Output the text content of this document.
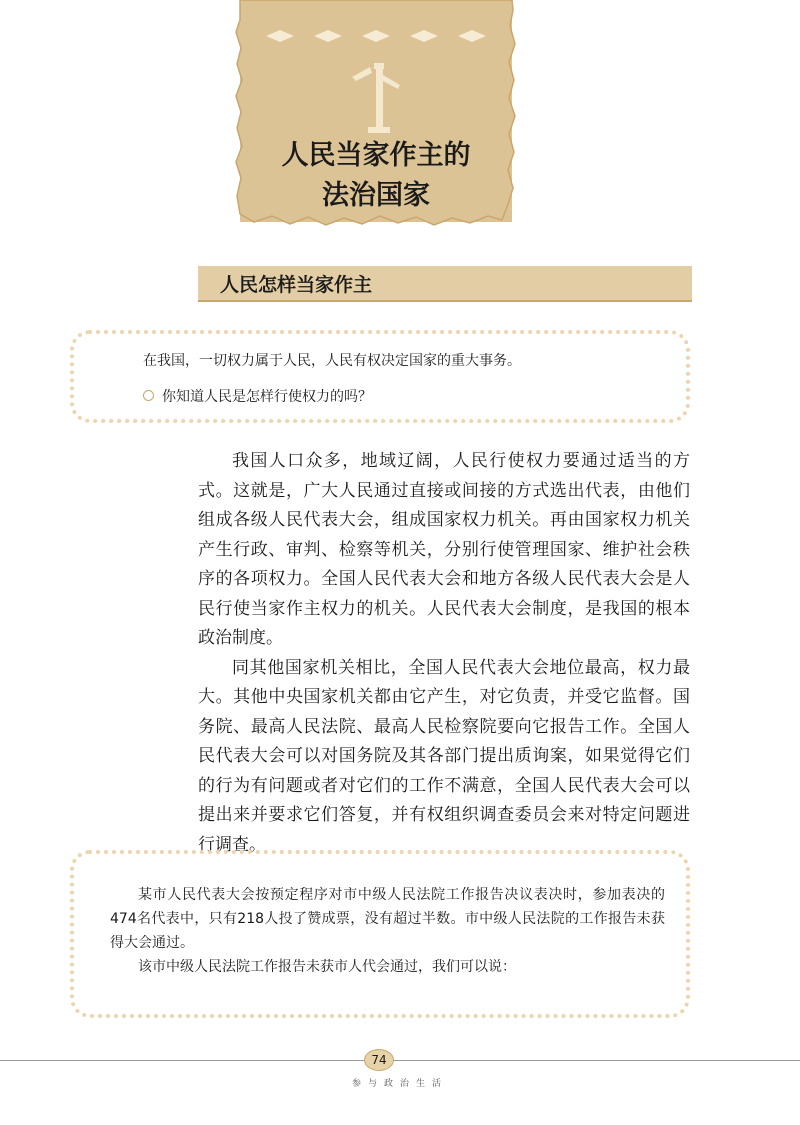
人民当家作主的
法治国家
人民怎样当家作主
在我国，一切权力属于人民，人民有权决定国家的重大事务。
你知道人民是怎样行使权力的吗？

我国人口众多，地域辽阔，人民行使权力要通过适当的方式。这就是，广大人民通过直接或间接的方式选出代表，由他们组成各级人民代表大会，组成国家权力机关。再由国家权力机关产生行政、审判、检察等机关，分别行使管理国家、维护社会秩序的各项权力。全国人民代表大会和地方各级人民代表大会是人民行使当家作主权力的机关。人民代表大会制度，是我国的根本政治制度。

同其他国家机关相比，全国人民代表大会地位最高，权力最大。其他中央国家机关都由它产生，对它负责，并受它监督。国务院、最高人民法院、最高人民检察院要向它报告工作。全国人民代表大会可以对国务院及其各部门提出质询案，如果觉得它们的行为有问题或者对它们的工作不满意，全国人民代表大会可以提出来并要求它们答复，并有权组织调查委员会来对特定问题进行调查。

某市人民代表大会按预定程序对市中级人民法院工作报告决议表决时，参加表决的474名代表中，只有218人投了赞成票，没有超过半数。市中级人民法院的工作报告未获得大会通过。

该市中级人民法院工作报告未获市人代会通过，我们可以说：

74
参与政治生活
